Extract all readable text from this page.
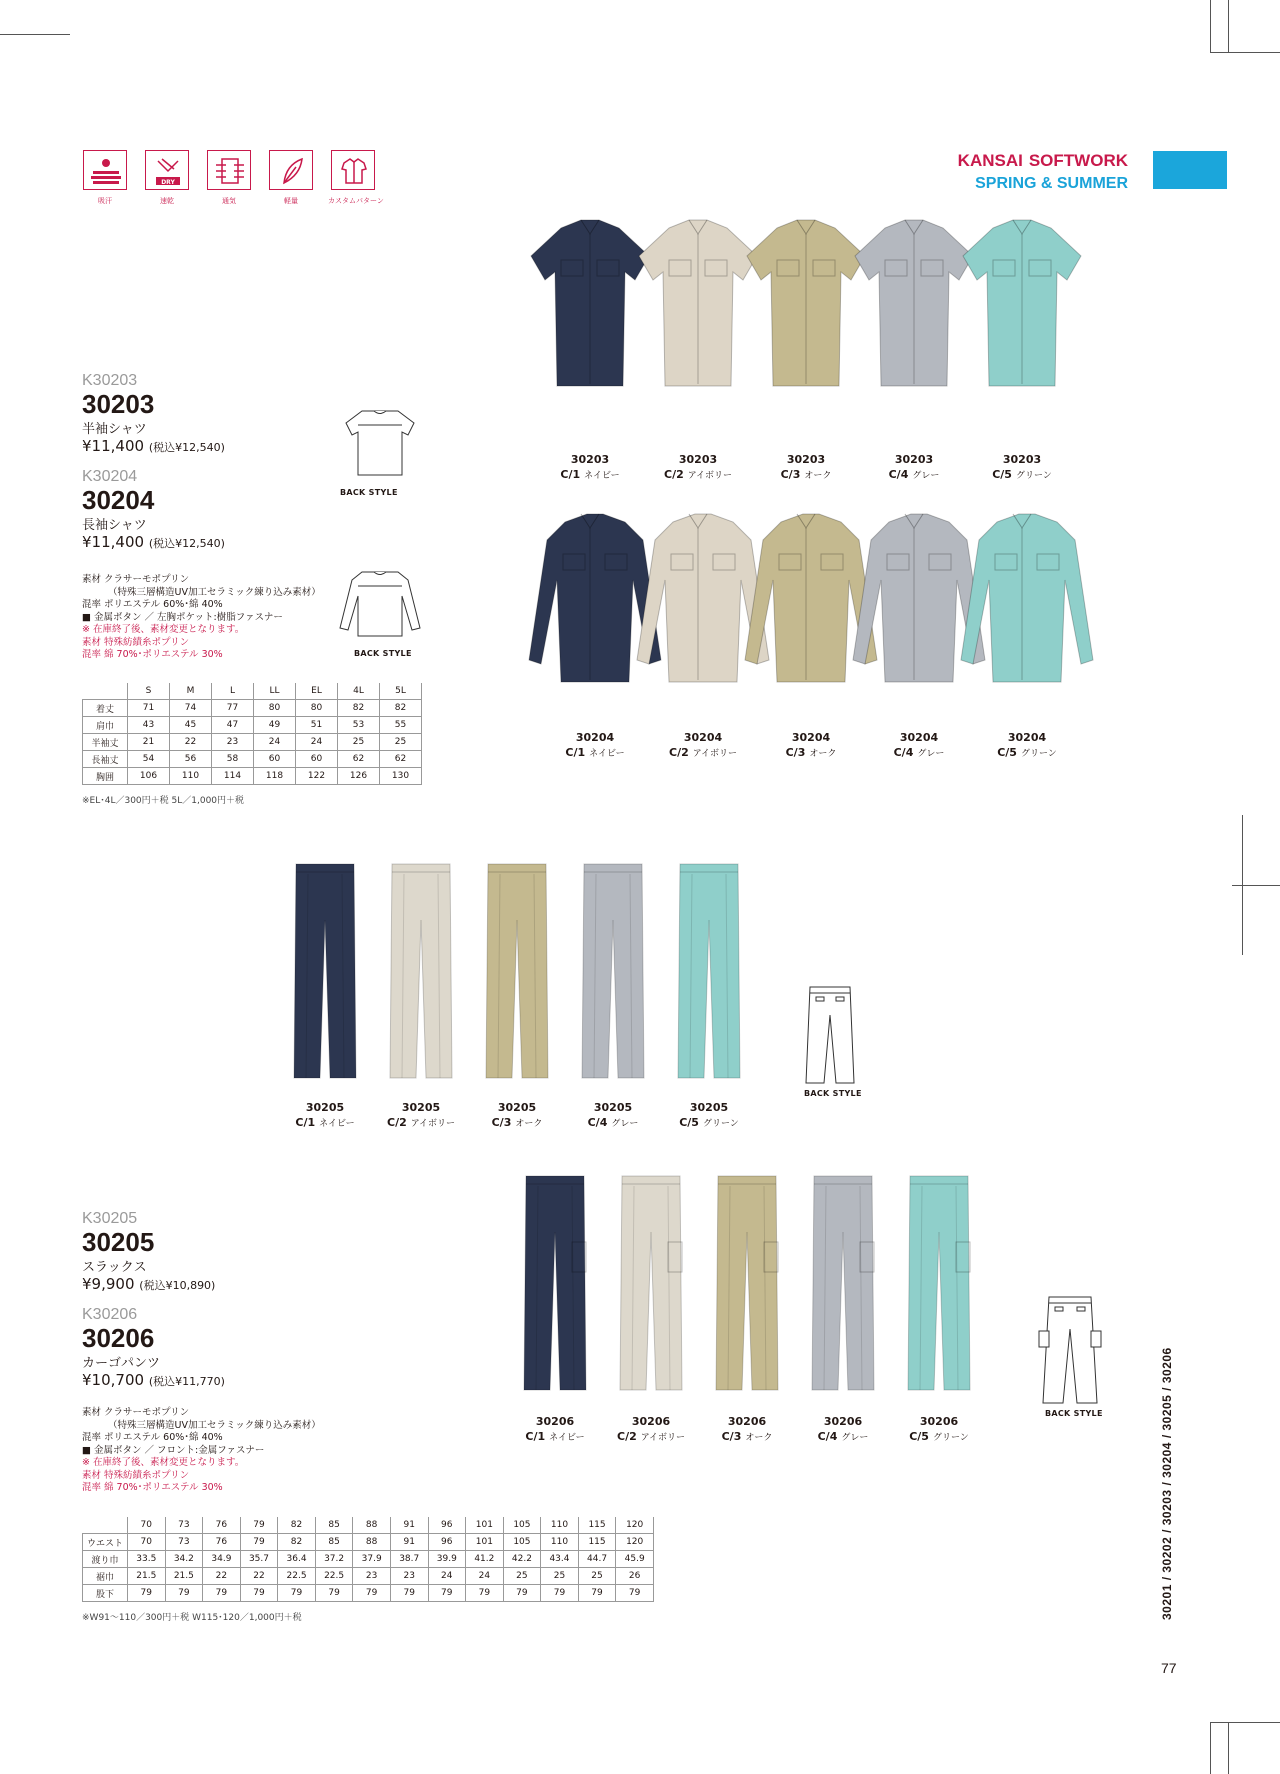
吸汗
DRY
速乾	通気	軽量	カスタムパターン
KANSAI SOFTWORK
SPRING & SUMMER
K30203
30203
半袖シャツ
¥11,400 (税込¥12,540)
K30204
30204
長袖シャツ
¥11,400 (税込¥12,540)
素材 クラサーモポプリン
（特殊三層構造UV加工セラミック練り込み素材）
混率 ポリエステル 60%･綿 40%
■ 金属ボタン ／ 左胸ポケット:樹脂ファスナー
※ 在庫終了後、素材変更となります。
素材 特殊紡績糸ポプリン
混率 綿 70%･ポリエステル 30%
BACK STYLE
BACK STYLE
	S	M	L	LL	EL	4L	5L
着丈	71	74	77	80	80	82	82
肩巾	43	45	47	49	51	53	55
半袖丈	21	22	23	24	24	25	25
長袖丈	54	56	58	60	60	62	62
胸囲	106	110	114	118	122	126	130
※EL･4L／300円＋税 5L／1,000円＋税
30203
C/1 ネイビー
30203
C/2 アイボリー
30203
C/3 オーク
30203
C/4 グレー
30203
C/5 グリーン
30204
C/1 ネイビー
30204
C/2 アイボリー
30204
C/3 オーク
30204
C/4 グレー
30204
C/5 グリーン
30205
C/1 ネイビー
30205
C/2 アイボリー
30205
C/3 オーク
30205
C/4 グレー
30205
C/5 グリーン
BACK STYLE
30206
C/1 ネイビー
30206
C/2 アイボリー
30206
C/3 オーク
30206
C/4 グレー
30206
C/5 グリーン
BACK STYLE
K30205
30205
スラックス
¥9,900 (税込¥10,890)
K30206
30206
カーゴパンツ
¥10,700 (税込¥11,770)
素材 クラサーモポプリン
（特殊三層構造UV加工セラミック練り込み素材）
混率 ポリエステル 60%･綿 40%
■ 金属ボタン ／ フロント:金属ファスナー
※ 在庫終了後、素材変更となります。
素材 特殊紡績糸ポプリン
混率 綿 70%･ポリエステル 30%
	70	73	76	79	82	85	88	91	96	101	105	110	115	120
ウエスト	70	73	76	79	82	85	88	91	96	101	105	110	115	120
渡り巾	33.5	34.2	34.9	35.7	36.4	37.2	37.9	38.7	39.9	41.2	42.2	43.4	44.7	45.9
裾巾	21.5	21.5	22	22	22.5	22.5	23	23	24	24	25	25	25	26
股下	79	79	79	79	79	79	79	79	79	79	79	79	79	79
※W91〜110／300円＋税 W115･120／1,000円＋税	30201 / 30202 / 30203 / 30204 / 30205 / 30206
77
